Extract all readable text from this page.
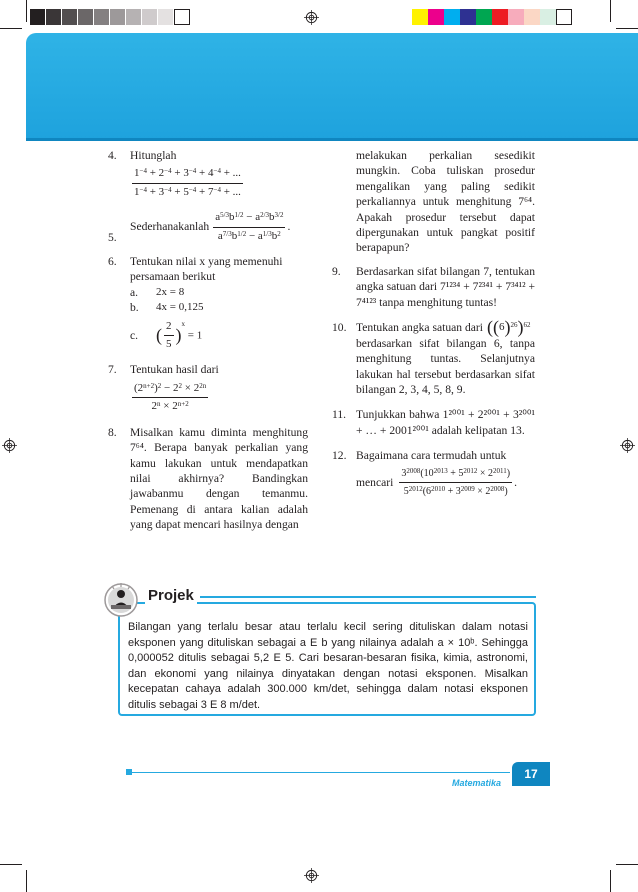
4. Hitunglah
$\frac{1^{-4} + 2^{-4} + 3^{-4} + 4^{-4} + ...}{1^{-4} + 3^{-4} + 5^{-4} + 7^{-4} + ...}$
5.
Sederhanakanlah $\frac{a^{5/3}b^{1/2} - a^{2/3}b^{3/2}}{a^{7/3}b^{1/2} - a^{1/3}b^2}$ .
6. Tentukan nilai x yang memenuhi persamaan berikut
a.	2x = 8
b.	4x = 0,125
c. ( $\frac{2}{5} )^x = 1$
7. Tentukan hasil dari
$\frac{(2^{n+2})^2 - 2^2 \times 2^{2n}}{2^n \times 2^{n+2}}$
8. Misalkan kamu diminta menghitung 7⁶⁴. Berapa banyak perkalian yang kamu lakukan untuk mendapatkan nilai akhirnya? Bandingkan jawabanmu dengan temanmu. Pemenang di antara kalian adalah yang dapat mencari hasilnya dengan
melakukan perkalian sesedikit mungkin. Coba tuliskan prosedur mengalikan yang paling sedikit perkaliannya untuk menghitung 7⁶⁴. Apakah prosedur tersebut dapat dipergunakan untuk pangkat positif berapapun?
9. Berdasarkan sifat bilangan 7, tentukan angka satuan dari 7¹²³⁴ + 7²³⁴¹ + 7³⁴¹² + 7⁴¹²³ tanpa menghitung tuntas!
10. Tentukan angka satuan dari $((6)^{26})^{62}$
berdasarkan sifat bilangan 6, tanpa menghitung tuntas. Selanjutnya lakukan hal tersebut berdasarkan sifat bilangan 2, 3, 4, 5, 8, 9.
11. Tunjukkan bahwa 1²⁰⁰¹ + 2²⁰⁰¹ + 3²⁰⁰¹ + … + 2001²⁰⁰¹ adalah kelipatan 13.
12. Bagaimana cara termudah untuk
mencari $\frac{3^{2008}(10^{2013} + 5^{2012} \times 2^{2011})}{5^{2012}(6^{2010} + 3^{2009} \times 2^{2008})}$ .
Projek
Bilangan yang terlalu besar atau terlalu kecil sering dituliskan dalam notasi eksponen yang dituliskan sebagai a E b yang nilainya adalah a × 10ᵇ. Sehingga 0,000052 ditulis sebagai 5,2 E 5. Cari besaran-besaran fisika, kimia, astronomi, dan ekonomi yang nilainya dinyatakan dengan notasi eksponen. Misalkan kecepatan cahaya adalah 300.000 km/det, sehingga dalam notasi eksponen ditulis sebagai 3 E 8 m/det.
Matematika
17
